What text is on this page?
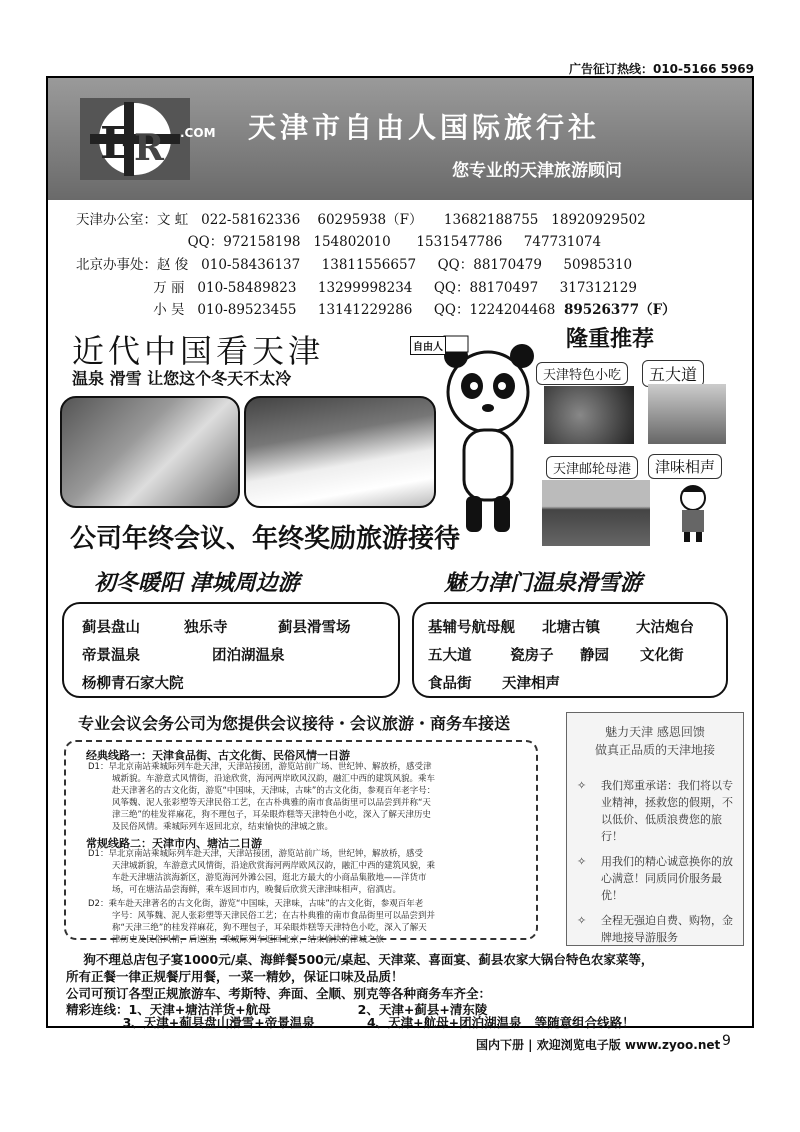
广告征订热线：010-5166 5969
E R .COM 天津市自由人国际旅行社
您专业的天津旅游顾问
天津办公室：文 虹   022-58162336    60295938（F）     13682188755   18920929502
QQ：972158198   154802010      1531547786     747731074
北京办事处：赵 俊   010-58436137     13811556657     QQ：88170479     50985310
万 丽   010-58489823     13299998234     QQ：88170497     317312129
小 吴   010-89523455     13141229286     QQ：1224204468  89526377（F）
近代中国看天津
温泉 滑雪 让您这个冬天不太冷
自由人	隆重推荐
天津特色小吃	五大道
天津邮轮母港	津味相声
公司年终会议、年终奖励旅游接待
初冬暖阳 津城周边游	魅力津门温泉滑雪游
蓟县盘山	独乐寺	蓟县滑雪场
帝景温泉	团泊湖温泉
杨柳青石家大院
基辅号航母舰 北塘古镇 大沽炮台
五大道	瓷房子 静园 文化街
食品街 天津相声
专业会议会务公司为您提供会议接待・会议旅游・商务车接送
经典线路一：天津食品街、古文化街、民俗风情一日游
D1：早北京南站乘城际列车赴天津，天津站接团，游览站前广场、世纪钟、解放桥，感受津
城新貌。车游意式风情街，沿途欣赏，海河两岸欧风汉韵，融汇中西的建筑风貌。乘车
赴天津著名的古文化街，游览“中国味，天津味，古味”的古文化街，参观百年老字号：
风筝魏、泥人张彩塑等天津民俗工艺，在古朴典雅的南市食品街里可以品尝到并称“天
津三绝”的桂发祥麻花，狗不理包子，耳朵眼炸糕等天津特色小吃，深入了解天津历史
及民俗风情。乘城际列车返回北京，结束愉快的津城之旅。
常规线路二：天津市内、塘沽二日游
D1：早北京南站乘城际列车赴天津，天津站接团，游览站前广场，世纪钟，解放桥，感受
天津城新貌，车游意式风情街，沿途欣赏海河两岸欧风汉韵，融汇中西的建筑风貌，乘
车赴天津塘沽滨海新区，游览海河外滩公园，逛北方最大的小商品集散地——洋货市
场，可在塘沽品尝海鲜，乘车返回市内，晚餐后欣赏天津津味相声，宿酒店。
D2：乘车赴天津著名的古文化街，游览“中国味，天津味，古味”的古文化街，参观百年老
字号：风筝魏、泥人张彩塑等天津民俗工艺；在古朴典雅的南市食品街里可以品尝到并
称“天津三绝”的桂发祥麻花，狗不理包子，耳朵眼炸糕等天津特色小吃，深入了解天
津历史及民俗风情，后送团，乘城际列车返回北京，结束愉快的津城之旅
魅力天津 感恩回馈
做真正品质的天津地接
✧ 我们郑重承诺：我们将以专业精神，拯救您的假期，不以低价、低质浪费您的旅行！
✧ 用我们的精心诚意换你的放心满意！同质同价服务最优！
✧ 全程无强迫自费、购物，金牌地接导游服务
狗不理总店包子宴1000元/桌、海鲜餐500元/桌起、天津菜、喜面宴、蓟县农家大锅台特色农家菜等，
所有正餐一律正规餐厅用餐，一菜一精妙，保证口味及品质！
公司可预订各型正规旅游车、考斯特、奔面、全顺、别克等各种商务车齐全：
精彩连线：1、天津+塘沽洋货+航母                    2、天津+蓟县+清东陵
3、天津+蓟县盘山滑雪+帝景温泉            4、天津+航母+团泊湖温泉   等随意组合线路！
国内下册 | 欢迎浏览电子版 www.zyoo.net 9
